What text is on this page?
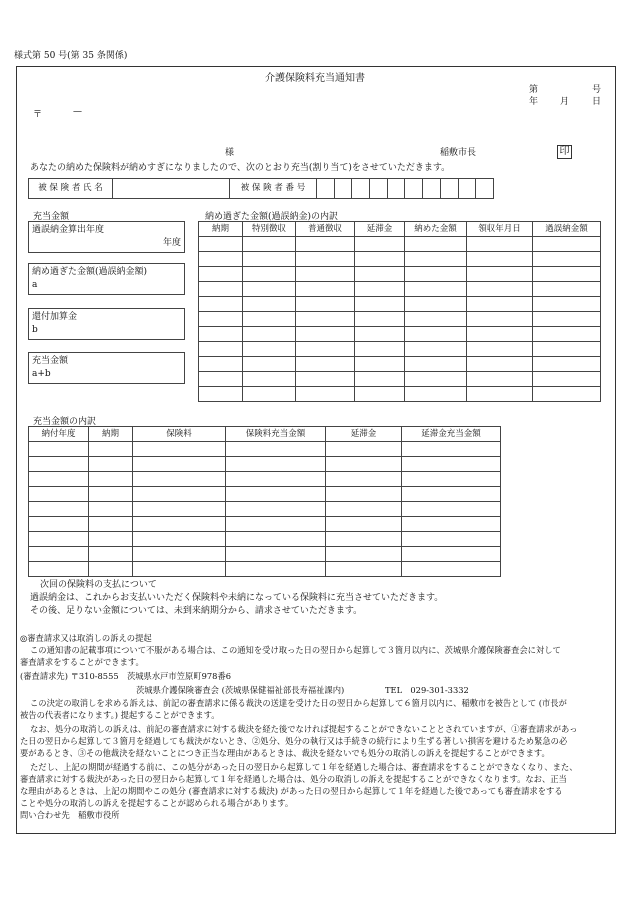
様式第 50 号(第 35 条関係)
介護保険料充当通知書
第	号
年 月	日
〒	—
様	稲敷市長	印
あなたの納めた保険料が納めすぎになりましたので、次のとおり充当(割り当て)をさせていただきます。
被 保 険 者 氏 名		被 保 険 者 番 号										
充当金額
過誤納金算出年度
年度
納め過ぎた金額(過誤納金額)
a
還付加算金
b
充当金額
a+b
納め過ぎた金額(過誤納金)の内訳
納期	特別徴収	普通徴収	延滞金	納めた金額	領収年月日	過誤納金額

充当金額の内訳
納付年度	納期	保険料	保険料充当金額	延滞金	延滞金充当金額

次回の保険料の支払について
過誤納金は、これからお支払いいただく保険料や未納になっている保険料に充当させていただきます。
その後、足りない金額については、未到来納期分から、請求させていただきます。
◎審査請求又は取消しの訴えの提起
この通知書の記載事項について不服がある場合は、この通知を受け取った日の翌日から起算して３箇月以内に、茨城県介護保険審査会に対して
審査請求をすることができます。
(審査請求先) 〒310-8555　茨城県水戸市笠原町978番6
茨城県介護保険審査会 (茨城県保健福祉部長寿福祉課内)	TEL　029-301-3332
この決定の取消しを求める訴えは、前記の審査請求に係る裁決の送達を受けた日の翌日から起算して６箇月以内に、稲敷市を被告として (市長が
被告の代表者になります。) 提起することができます。
なお、処分の取消しの訴えは、前記の審査請求に対する裁決を経た後でなければ提起することができないこととされていますが、①審査請求があっ
た日の翌日から起算して３箇月を経過しても裁決がないとき、②処分、処分の執行又は手続きの続行により生ずる著しい損害を避けるため緊急の必
要があるとき、③その他裁決を経ないことにつき正当な理由があるときは、裁決を経ないでも処分の取消しの訴えを提起することができます。
ただし、上記の期間が経過する前に、この処分があった日の翌日から起算して１年を経過した場合は、審査請求をすることができなくなり、また、
審査請求に対する裁決があった日の翌日から起算して１年を経過した場合は、処分の取消しの訴えを提起することができなくなります。なお、正当
な理由があるときは、上記の期間やこの処分 (審査請求に対する裁決) があった日の翌日から起算して１年を経過した後であっても審査請求をする
ことや処分の取消しの訴えを提起することが認められる場合があります。
問い合わせ先　稲敷市役所
